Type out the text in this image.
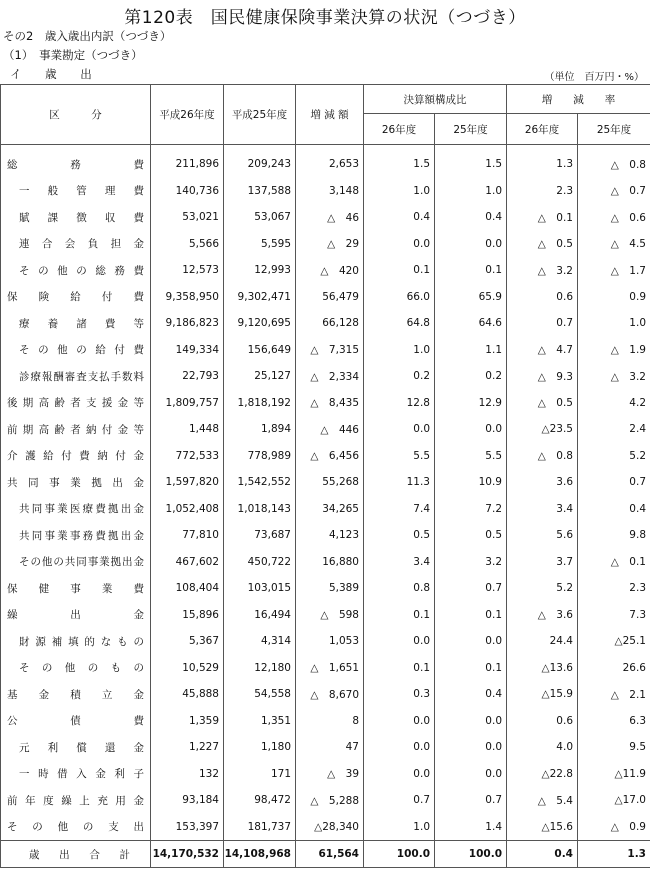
第120表　国民健康保険事業決算の状況（つづき）
その2　歳入歳出内訳（つづき）
（1）　事業勘定（つづき）
イ 歳 出	（単位　百万円・%）
区　　　分	平成26年度	平成25年度	増 減 額	決算額構成比		増　　減　　率	
				26年度	25年度	26年度	25年度
総務費	211,896	209,243	2,653	1.5	1.5	1.3	△　0.8
一般管理費	140,736	137,588	3,148	1.0	1.0	2.3	△　0.7
賦課徴収費	53,021	53,067	△　46	0.4	0.4	△　0.1	△　0.6
連合会負担金	5,566	5,595	△　29	0.0	0.0	△　0.5	△　4.5
その他の総務費	12,573	12,993	△　420	0.1	0.1	△　3.2	△　1.7
保険給付費	9,358,950	9,302,471	56,479	66.0	65.9	0.6	0.9
療養諸費等	9,186,823	9,120,695	66,128	64.8	64.6	0.7	1.0
その他の給付費	149,334	156,649	△　7,315	1.0	1.1	△　4.7	△　1.9
診療報酬審査支払手数料	22,793	25,127	△　2,334	0.2	0.2	△　9.3	△　3.2
後期高齢者支援金等	1,809,757	1,818,192	△　8,435	12.8	12.9	△　0.5	4.2
前期高齢者納付金等	1,448	1,894	△　446	0.0	0.0	△23.5	2.4
介護給付費納付金	772,533	778,989	△　6,456	5.5	5.5	△　0.8	5.2
共同事業拠出金	1,597,820	1,542,552	55,268	11.3	10.9	3.6	0.7
共同事業医療費拠出金	1,052,408	1,018,143	34,265	7.4	7.2	3.4	0.4
共同事業事務費拠出金	77,810	73,687	4,123	0.5	0.5	5.6	9.8
その他の共同事業拠出金	467,602	450,722	16,880	3.4	3.2	3.7	△　0.1
保健事業費	108,404	103,015	5,389	0.8	0.7	5.2	2.3
繰出金	15,896	16,494	△　598	0.1	0.1	△　3.6	7.3
財源補填的なもの	5,367	4,314	1,053	0.0	0.0	24.4	△25.1
その他のもの	10,529	12,180	△　1,651	0.1	0.1	△13.6	26.6
基金積立金	45,888	54,558	△　8,670	0.3	0.4	△15.9	△　2.1
公債費	1,359	1,351	8	0.0	0.0	0.6	6.3
元利償還金	1,227	1,180	47	0.0	0.0	4.0	9.5
一時借入金利子	132	171	△　39	0.0	0.0	△22.8	△11.9
前年度繰上充用金	93,184	98,472	△　5,288	0.7	0.7	△　5.4	△17.0
その他の支出	153,397	181,737	△28,340	1.0	1.4	△15.6	△　0.9
歳出合計	14,170,532	14,108,968	61,564	100.0	100.0	0.4	1.3
